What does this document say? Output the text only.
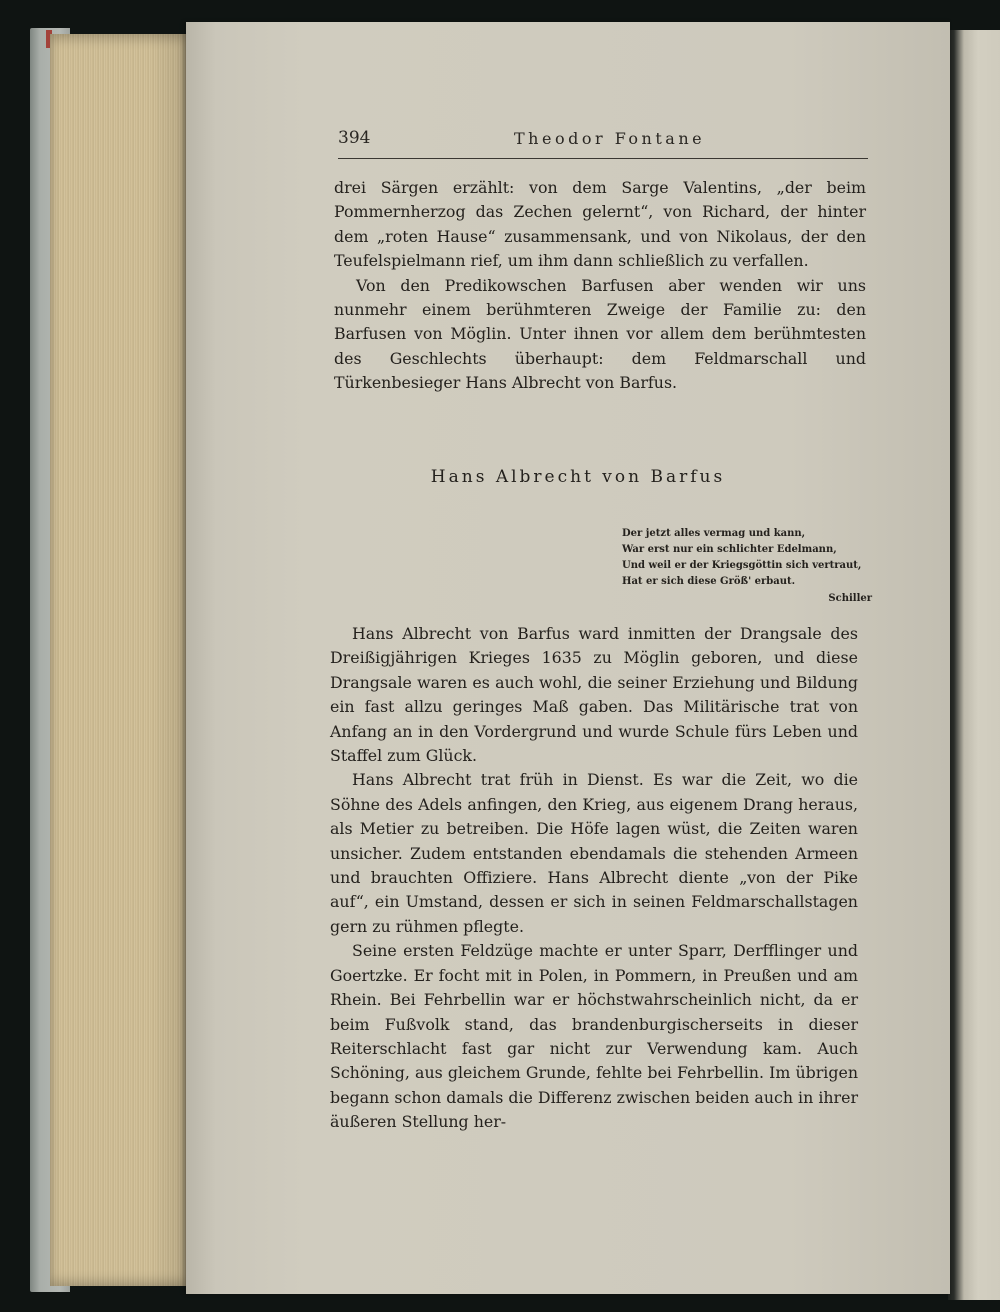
394	Theodor Fontane

drei Särgen erzählt: von dem Sarge Valentins, „der beim Pommernherzog das Zechen gelernt“, von Richard, der hinter dem „roten Hause“ zusammensank, und von Nikolaus, der den Teufelspielmann rief, um ihm dann schließlich zu verfallen.

Von den Predikowschen Barfusen aber wenden wir uns nunmehr einem berühmteren Zweige der Familie zu: den Barfusen von Möglin. Unter ihnen vor allem dem berühmtesten des Geschlechts überhaupt: dem Feldmarschall und Türkenbesieger Hans Albrecht von Barfus.

Hans Albrecht von Barfus
Der jetzt alles vermag und kann,
War erst nur ein schlichter Edelmann,
Und weil er der Kriegsgöttin sich vertraut,
Hat er sich diese Größ' erbaut.
Schiller

Hans Albrecht von Barfus ward inmitten der Drangsale des Dreißigjährigen Krieges 1635 zu Möglin geboren, und diese Drangsale waren es auch wohl, die seiner Erziehung und Bildung ein fast allzu geringes Maß gaben. Das Militärische trat von Anfang an in den Vordergrund und wurde Schule fürs Leben und Staffel zum Glück.

Hans Albrecht trat früh in Dienst. Es war die Zeit, wo die Söhne des Adels anfingen, den Krieg, aus eigenem Drang heraus, als Metier zu betreiben. Die Höfe lagen wüst, die Zeiten waren unsicher. Zudem entstanden ebendamals die stehenden Armeen und brauchten Offiziere. Hans Albrecht diente „von der Pike auf“, ein Umstand, dessen er sich in seinen Feldmarschallstagen gern zu rühmen pflegte.

Seine ersten Feldzüge machte er unter Sparr, Derfflinger und Goertzke. Er focht mit in Polen, in Pommern, in Preußen und am Rhein. Bei Fehrbellin war er höchstwahrscheinlich nicht, da er beim Fußvolk stand, das brandenburgischerseits in dieser Reiterschlacht fast gar nicht zur Verwendung kam. Auch Schöning, aus gleichem Grunde, fehlte bei Fehrbellin. Im übrigen begann schon damals die Differenz zwischen beiden auch in ihrer äußeren Stellung her-
